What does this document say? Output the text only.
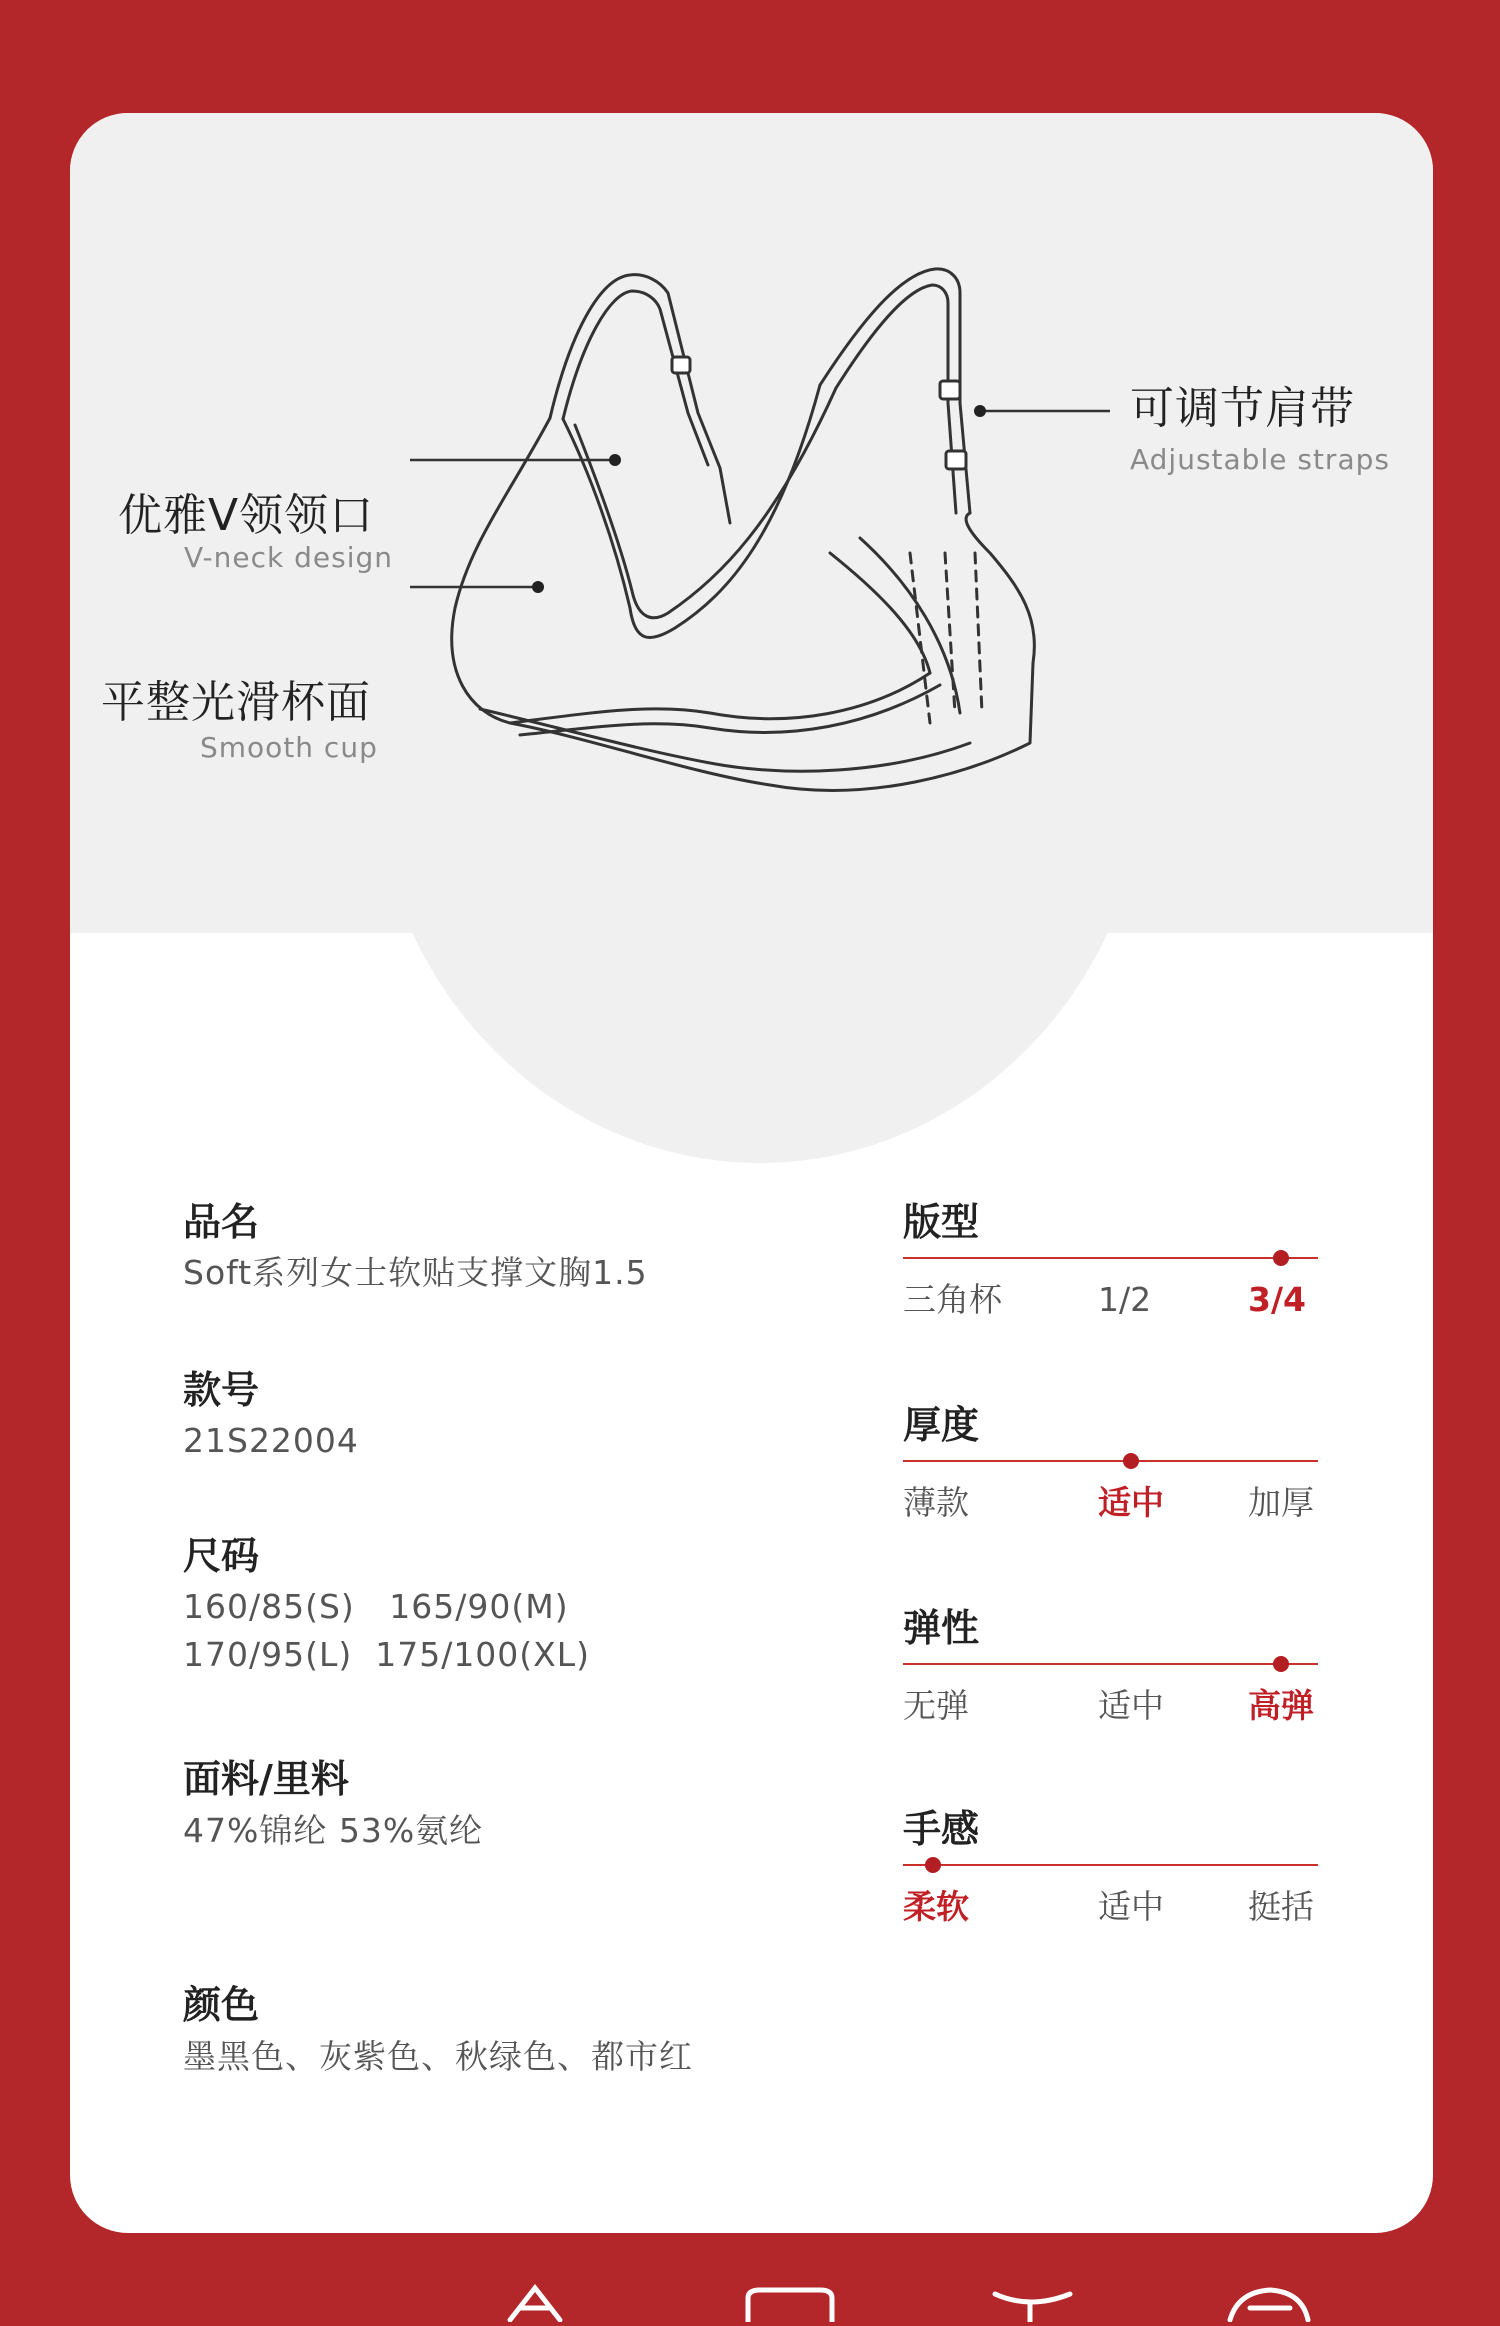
可调节肩带
Adjustable straps
优雅V领领口
V-neck design
平整光滑杯面
Smooth cup
品名
Soft系列女士软贴支撑文胸1.5
款号
21S22004
尺码
160/85(S)   165/90(M)
170/95(L)  175/100(XL)
面料/里料
47%锦纶 53%氨纶
颜色
墨黑色、灰紫色、秋绿色、都市红
版型
三角杯	1/2	3/4
厚度
薄款	适中	加厚
弹性
无弹	适中	高弹
手感
柔软	适中	挺括
